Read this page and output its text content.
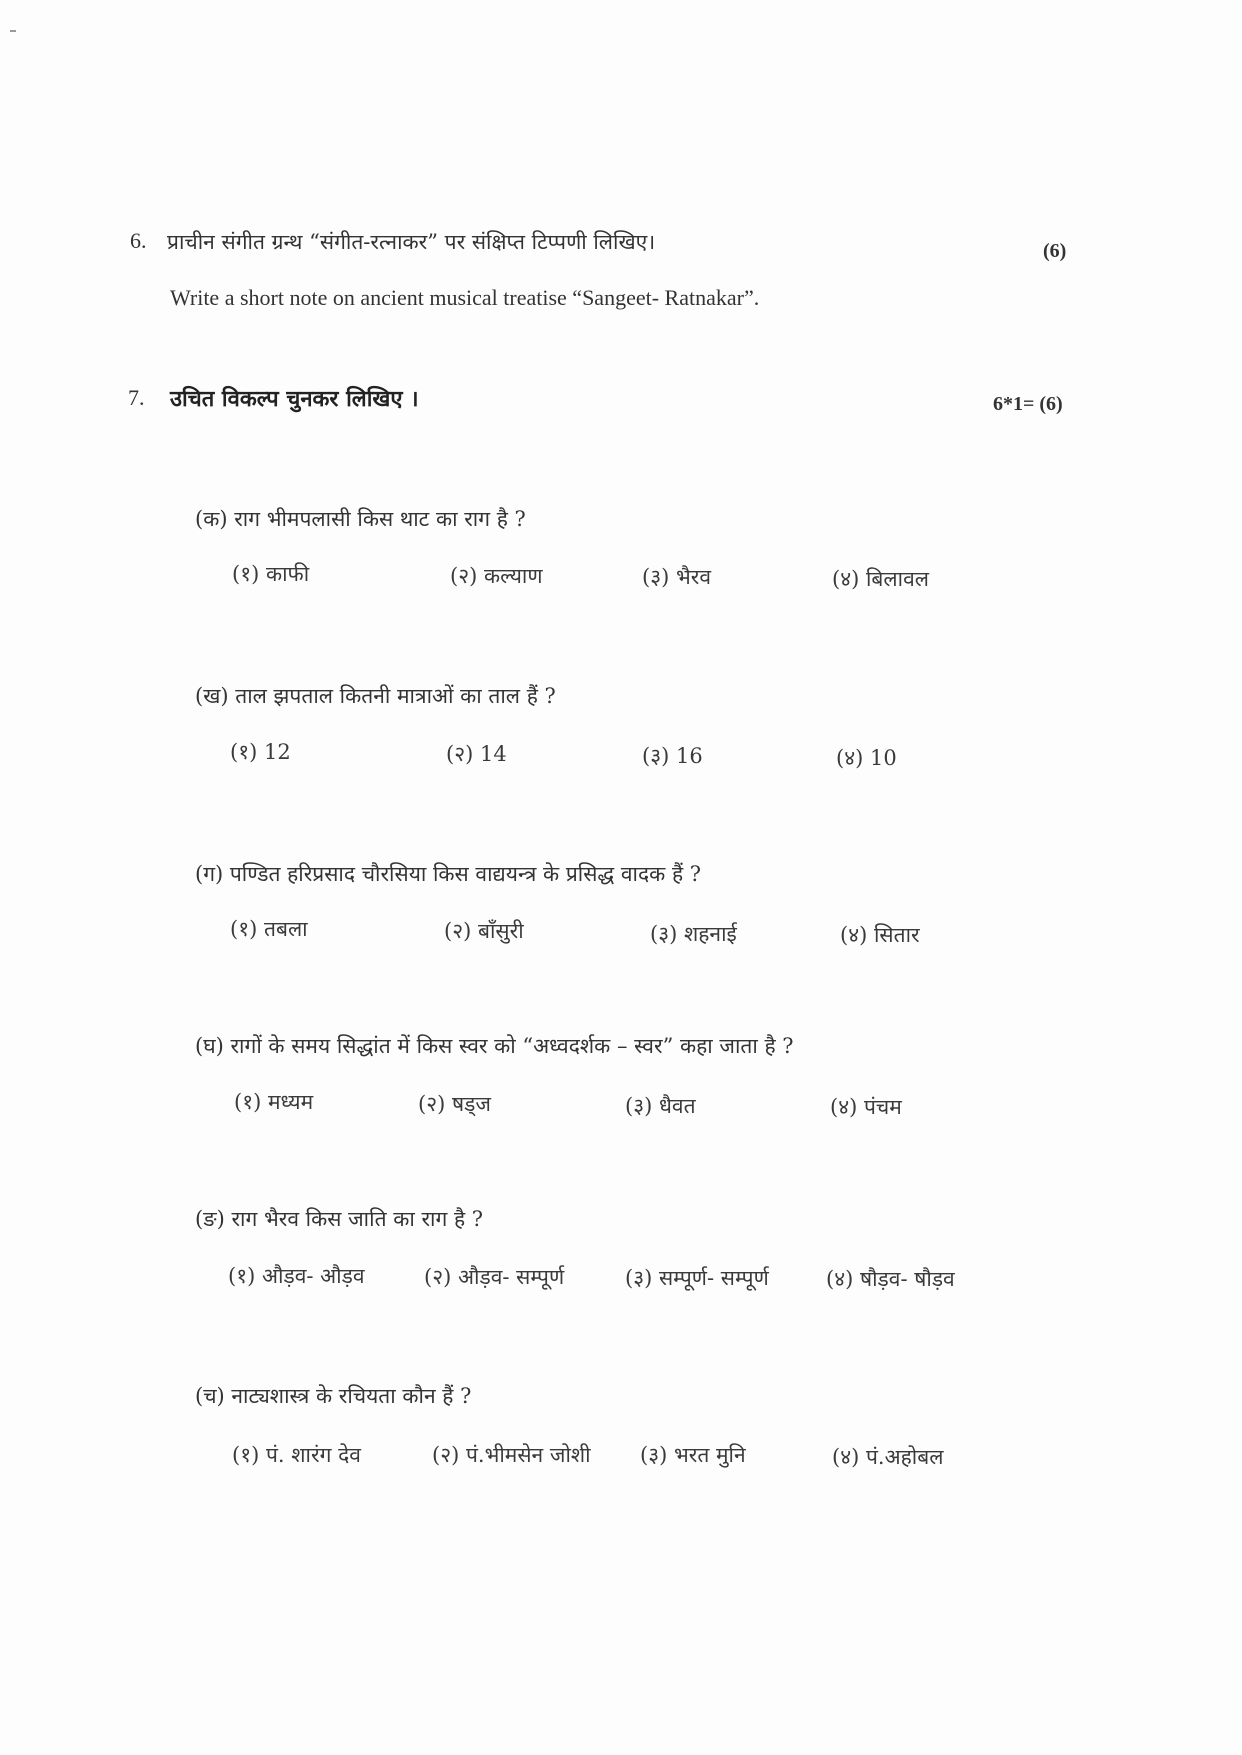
6. प्राचीन संगीत ग्रन्थ “संगीत-रत्नाकर” पर संक्षिप्त टिप्पणी लिखिए।	(6)
Write a short note on ancient musical treatise “Sangeet- Ratnakar”.
7. उचित विकल्प चुनकर लिखिए ।	6*1= (6)
(क) राग भीमपलासी किस थाट का राग है ?
(१) काफी	(२) कल्याण	(३) भैरव	(४) बिलावल
(ख) ताल झपताल कितनी मात्राओं का ताल हैं ?
(१) 12	(२) 14	(३) 16	(४) 10
(ग) पण्डित हरिप्रसाद चौरसिया किस वाद्ययन्त्र के प्रसिद्ध वादक हैं ?
(१) तबला	(२) बाँसुरी	(३) शहनाई	(४) सितार
(घ) रागों के समय सिद्धांत में किस स्वर को “अध्वदर्शक – स्वर” कहा जाता है ?
(१) मध्यम	(२) षड्ज	(३) धैवत	(४) पंचम
(ङ) राग भैरव किस जाति का राग है ?
(१) औड़व- औड़व	(२) औड़व- सम्पूर्ण	(३) सम्पूर्ण- सम्पूर्ण	(४) षौड़व- षौड़व
(च) नाट्यशास्त्र के रचियता कौन हैं ?
(१) पं. शारंग देव	(२) पं.भीमसेन जोशी (३) भरत मुनि	(४) पं.अहोबल
